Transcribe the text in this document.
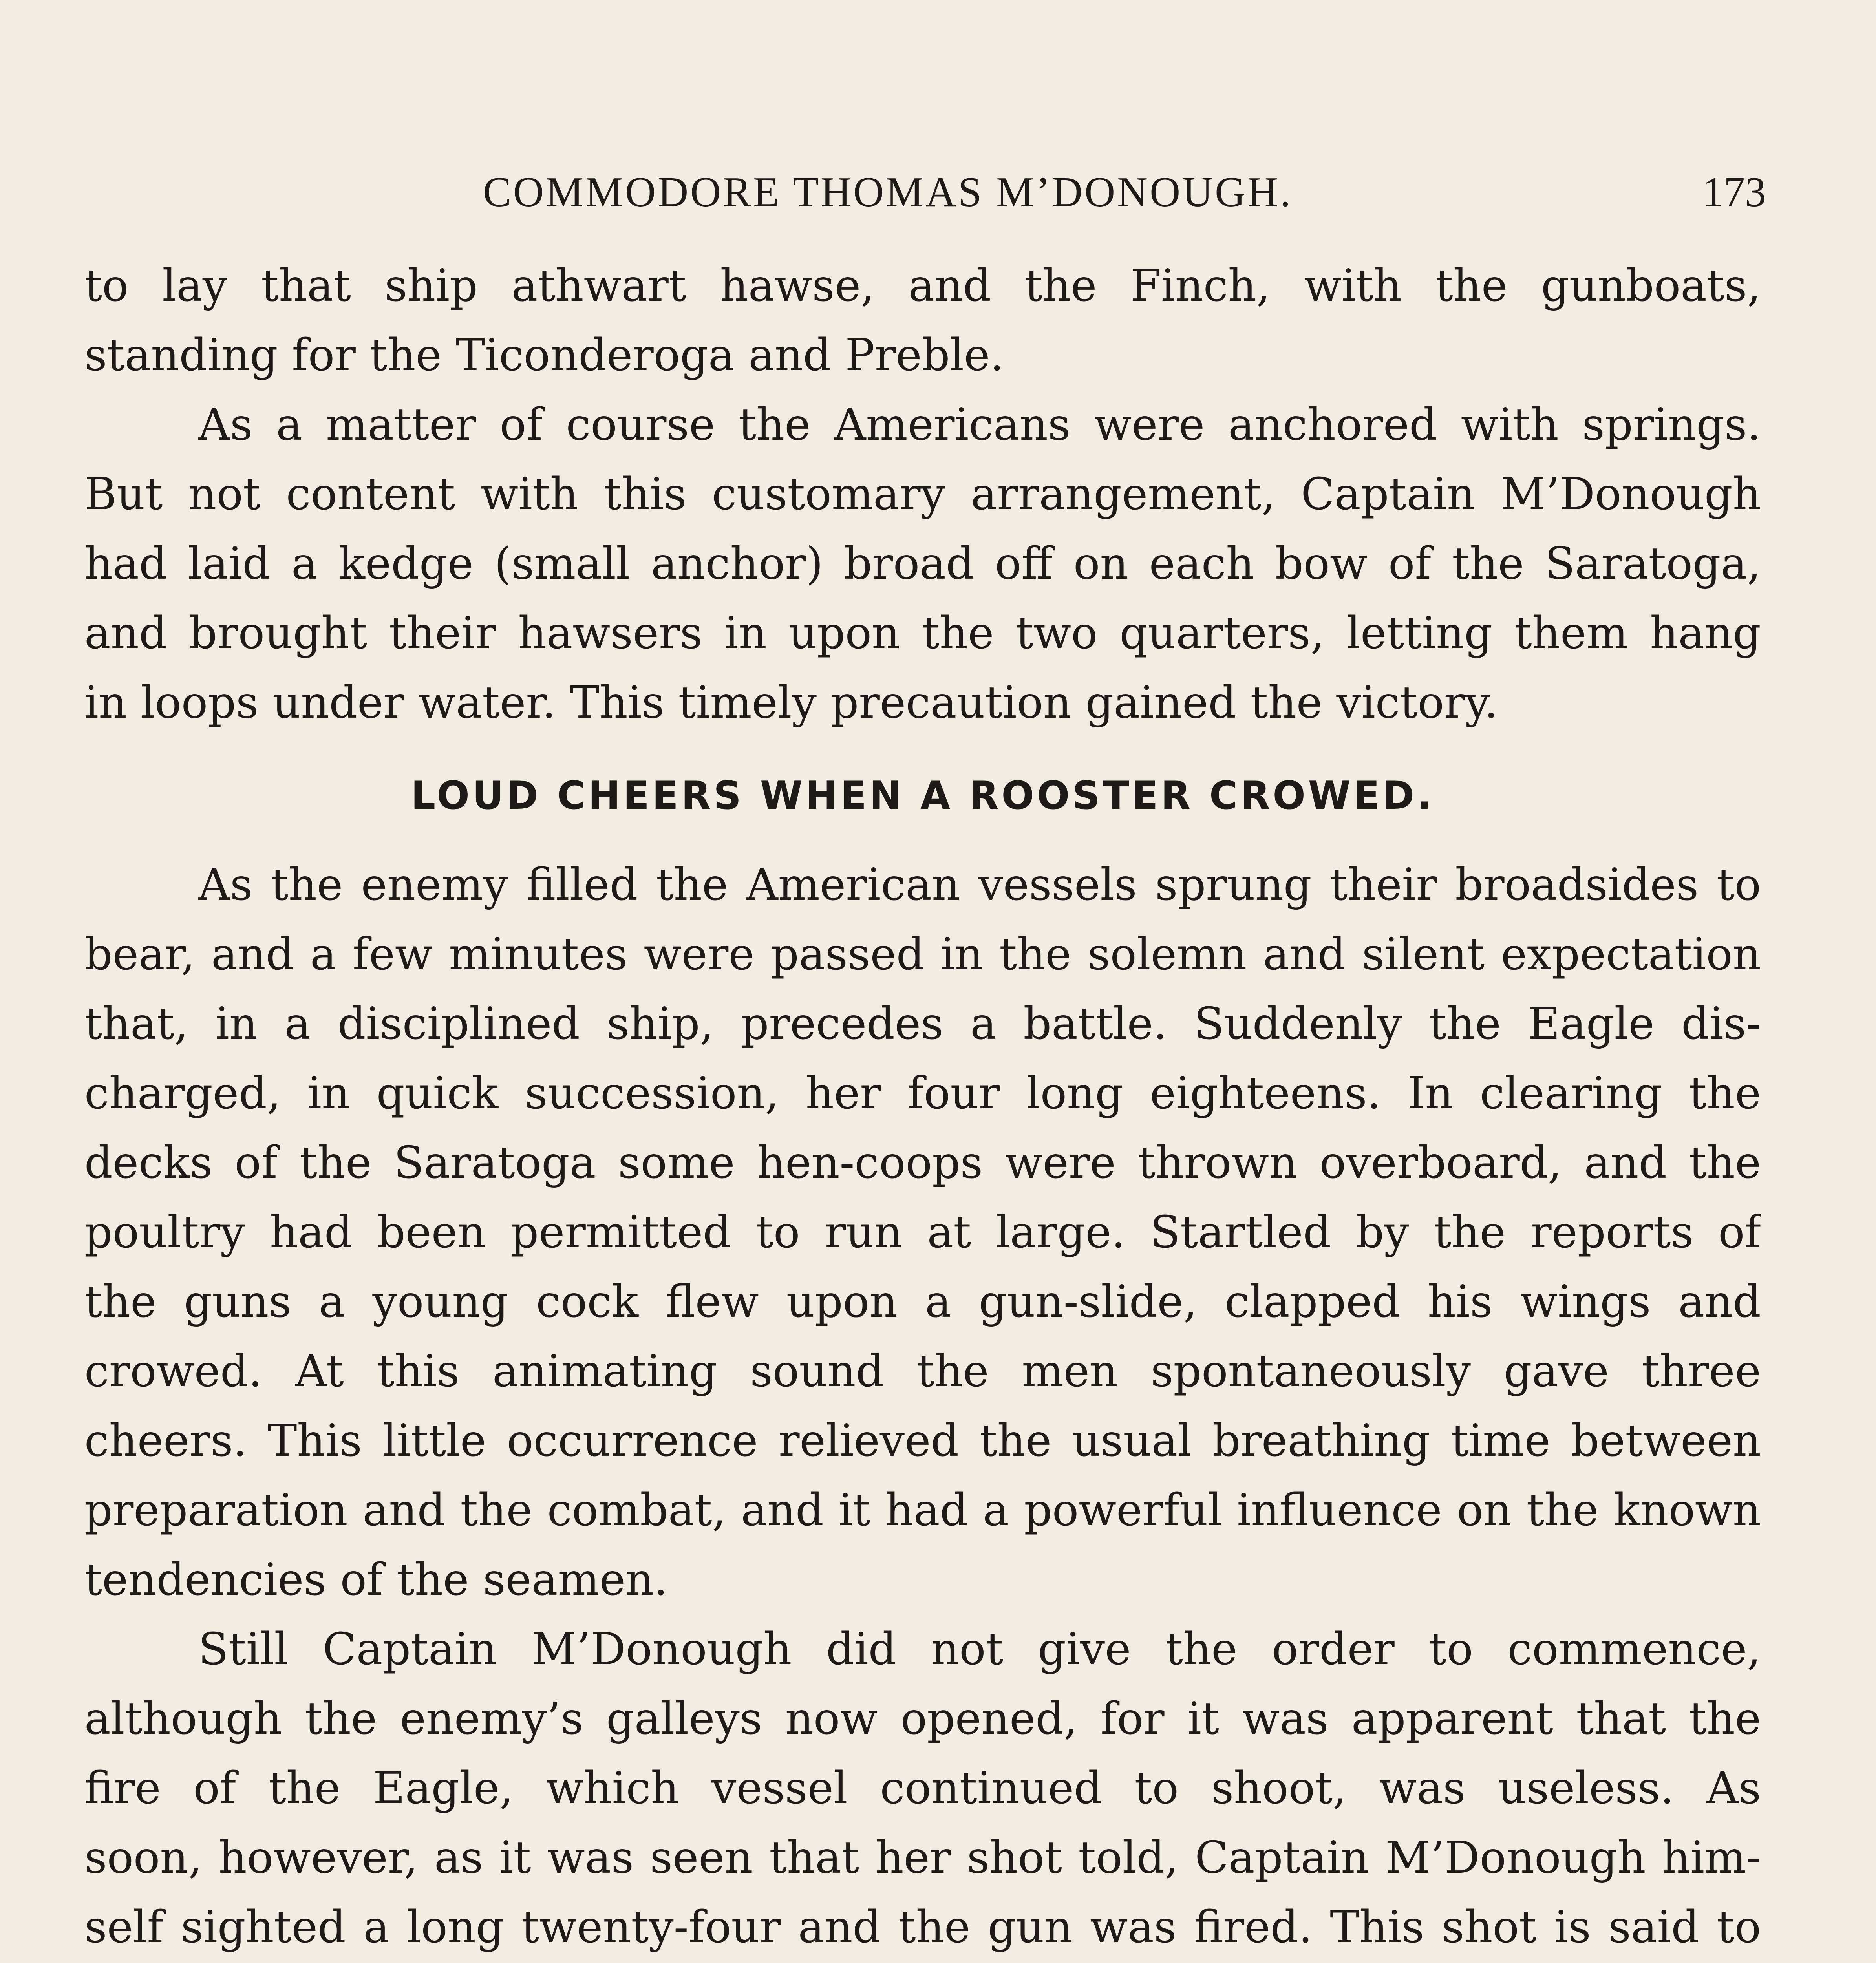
COMMODORE THOMAS M’DONOUGH.	173
to lay that ship athwart hawse, and the Finch, with the gunboats,
standing for the Ticonderoga and Preble.
As a matter of course the Americans were anchored with springs.
But not content with this customary arrangement, Captain M’Donough
had laid a kedge (small anchor) broad off on each bow of the Saratoga,
and brought their hawsers in upon the two quarters, letting them hang
in loops under water. This timely precaution gained the victory.
LOUD CHEERS WHEN A ROOSTER CROWED.
As the enemy filled the American vessels sprung their broadsides to
bear, and a few minutes were passed in the solemn and silent expectation
that, in a disciplined ship, precedes a battle. Suddenly the Eagle dis-
charged, in quick succession, her four long eighteens. In clearing the
decks of the Saratoga some hen-coops were thrown overboard, and the
poultry had been permitted to run at large. Startled by the reports of
the guns a young cock flew upon a gun-slide, clapped his wings and
crowed. At this animating sound the men spontaneously gave three
cheers. This little occurrence relieved the usual breathing time between
preparation and the combat, and it had a powerful influence on the known
tendencies of the seamen.
Still Captain M’Donough did not give the order to commence,
although the enemy’s galleys now opened, for it was apparent that the
fire of the Eagle, which vessel continued to shoot, was useless. As
soon, however, as it was seen that her shot told, Captain M’Donough him-
self sighted a long twenty-four and the gun was fired. This shot is said to
